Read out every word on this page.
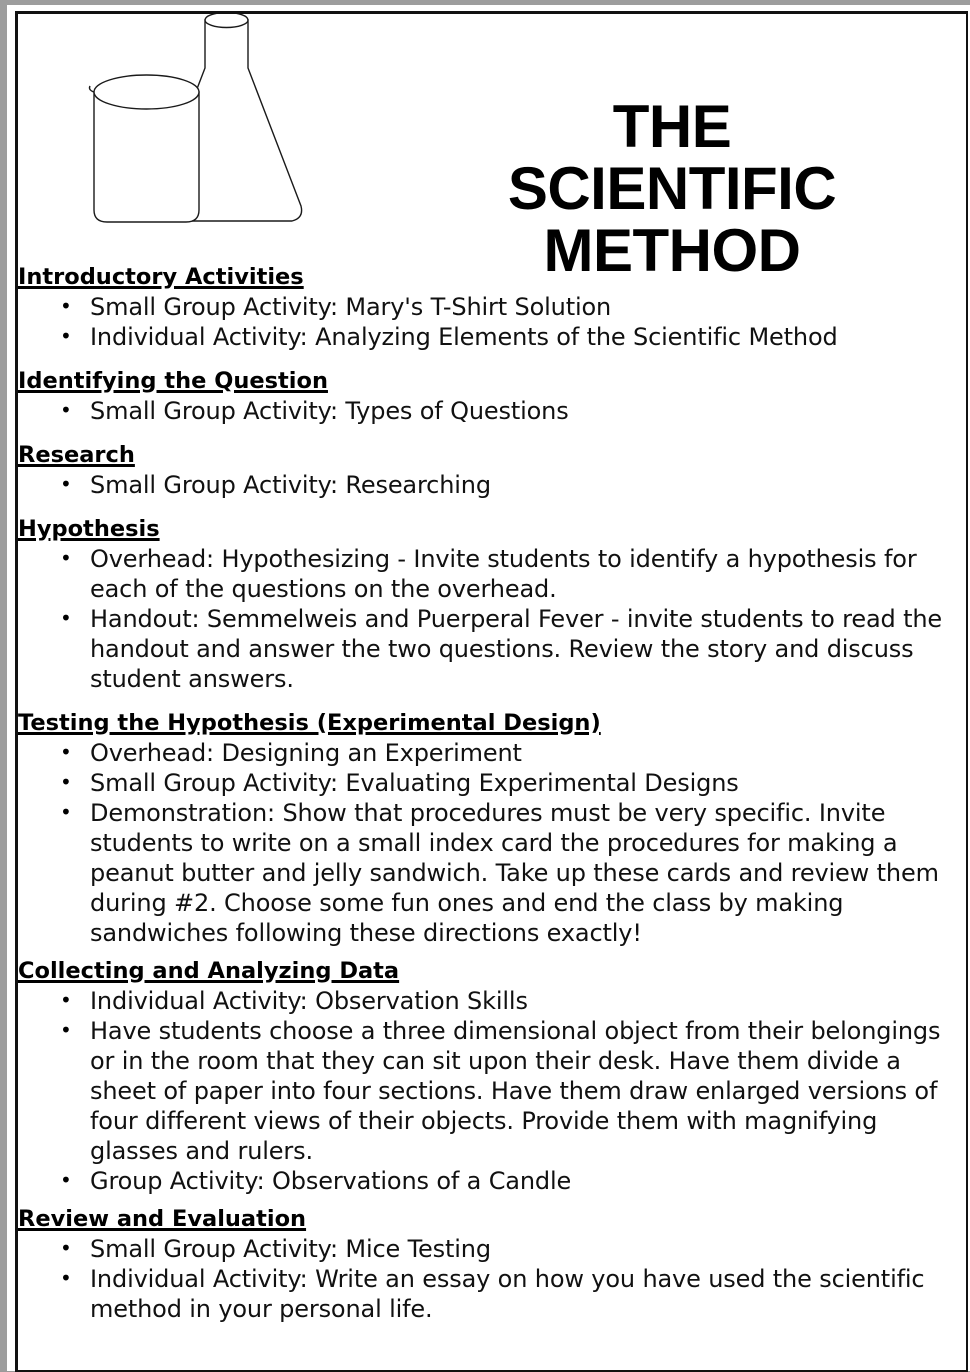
THE
SCIENTIFIC METHOD
Introductory Activities
• Small Group Activity: Mary's T-Shirt Solution
• Individual Activity: Analyzing Elements of the Scientific Method
Identifying the Question
• Small Group Activity: Types of Questions
Research
• Small Group Activity: Researching
Hypothesis
• Overhead: Hypothesizing - Invite students to identify a hypothesis for each of the questions on the overhead.
• Handout: Semmelweis and Puerperal Fever - invite students to read the handout and answer the two questions. Review the story and discuss student answers.
Testing the Hypothesis (Experimental Design)
• Overhead: Designing an Experiment
• Small Group Activity: Evaluating Experimental Designs
• Demonstration: Show that procedures must be very specific. Invite students to write on a small index card the procedures for making a peanut butter and jelly sandwich. Take up these cards and review them during #2. Choose some fun ones and end the class by making sandwiches following these directions exactly!
Collecting and Analyzing Data
• Individual Activity: Observation Skills
• Have students choose a three dimensional object from their belongings or in the room that they can sit upon their desk. Have them divide a sheet of paper into four sections. Have them draw enlarged versions of four different views of their objects. Provide them with magnifying glasses and rulers.
• Group Activity: Observations of a Candle
Review and Evaluation
• Small Group Activity: Mice Testing
• Individual Activity: Write an essay on how you have used the scientific method in your personal life.
